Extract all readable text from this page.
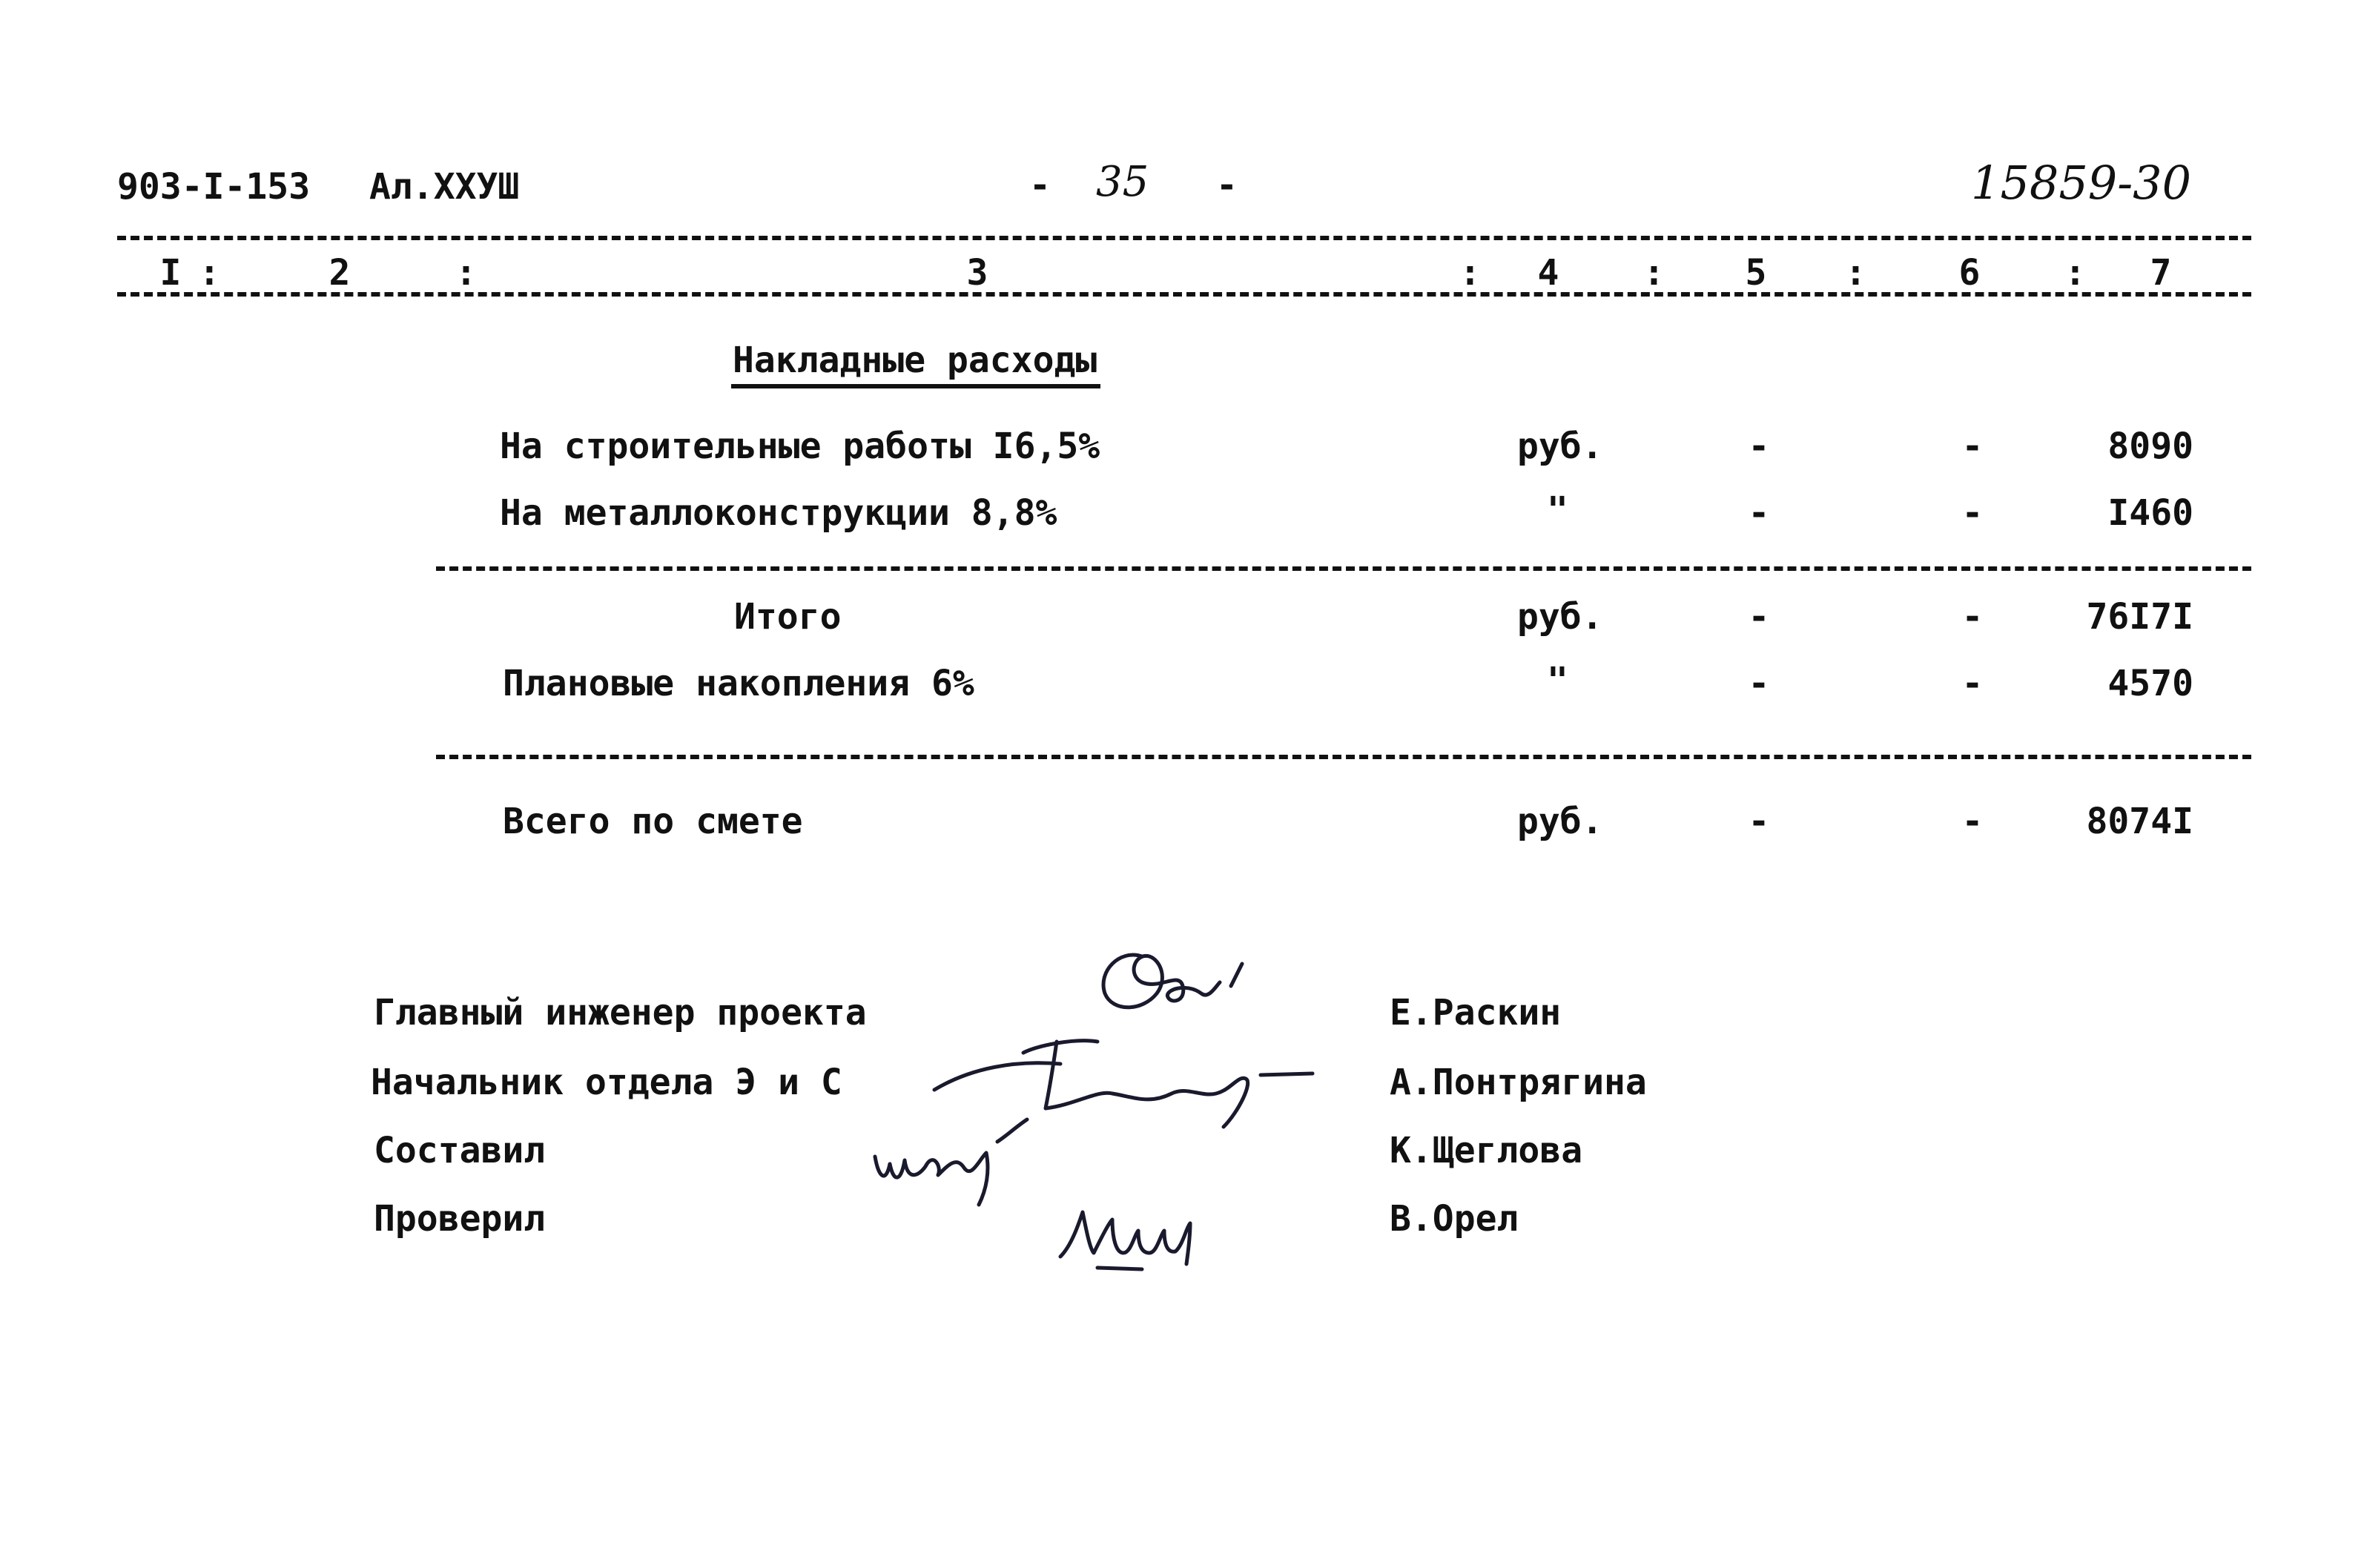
903-I-153 Ал.XXУШ	- 35 -	15859-30
I :	2	:	3	: 4 : 5 :	6 : 7
Накладные расходы
На строительные работы I6,5%	руб.	-	-	8090
На металлоконструкции 8,8%	"	-	-	I460
Итого	руб.	-	-	76I7I
Плановые накопления 6%	"	-	-	4570
Всего по смете	руб.	-	-	8074I
Главный инженер проекта	Е.Раскин
Начальник отдела Э и С	А.Понтрягина
Составил	К.Щеглова
Проверил	В.Орел
